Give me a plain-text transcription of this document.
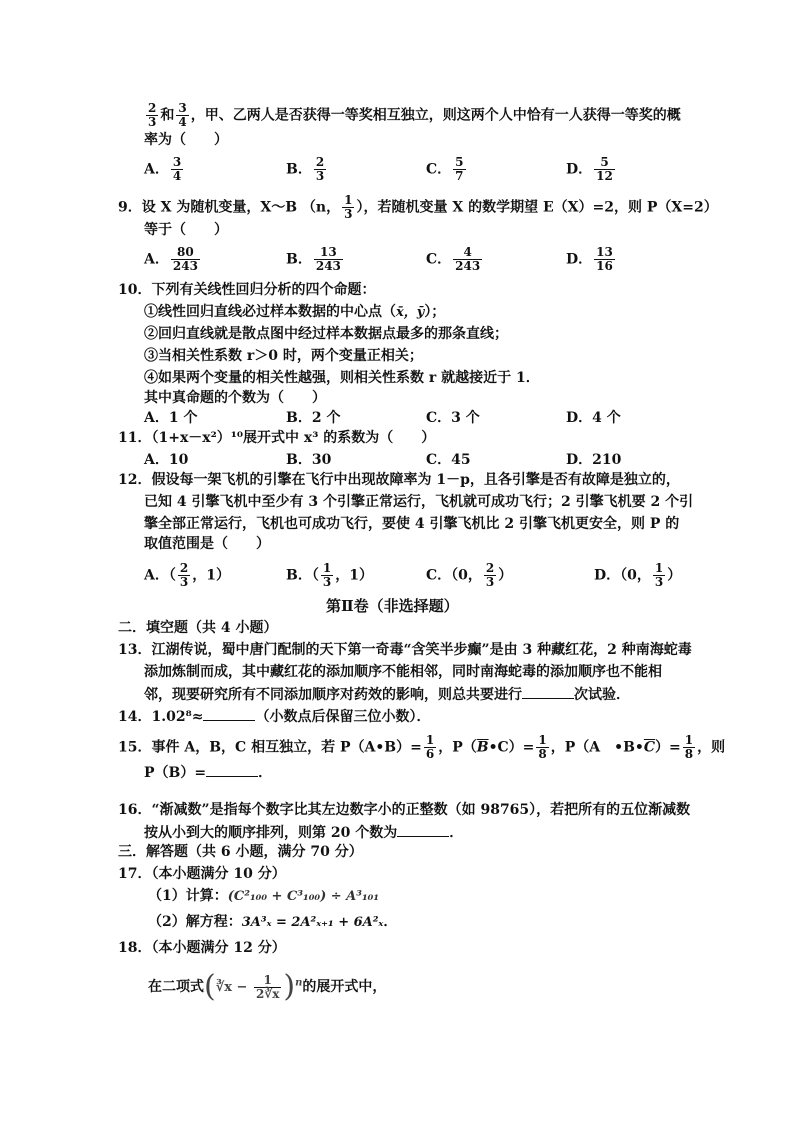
$\frac{2}{3}$ 和 $\frac{3}{4}$ ，甲、乙两人是否获得一等奖相互独立，则这两个人中恰有一人获得一等奖的概
率为（　　）
A． $\frac{3}{4}$	B． $\frac{2}{3}$	C． $\frac{5}{7}$	D． $\frac{5}{12}$
9．设 X 为随机变量，X～B （n， $\frac{1}{3}$ ），若随机变量 X 的数学期望 E（X）=2，则 P（X=2）
等于（　　）
A． $\frac{80}{243}$	B． $\frac{13}{243}$	C． $\frac{4}{243}$	D． $\frac{13}{16}$
10．下列有关线性回归分析的四个命题：
①线性回归直线必过样本数据的中心点（x̄，ȳ）；
②回归直线就是散点图中经过样本数据点最多的那条直线；
③当相关性系数 r＞0 时，两个变量正相关；
④如果两个变量的相关性越强，则相关性系数 r 就越接近于 1．
其中真命题的个数为（　　）
A．1 个	B．2 个	C．3 个	D．4 个
11．（1+x－x²）¹⁰展开式中 x³ 的系数为（　　）
A．10	B．30	C．45	D．210
12．假设每一架飞机的引擎在飞行中出现故障率为 1－p，且各引擎是否有故障是独立的，
已知 4 引擎飞机中至少有 3 个引擎正常运行，飞机就可成功飞行；2 引擎飞机要 2 个引
擎全部正常运行，飞机也可成功飞行，要使 4 引擎飞机比 2 引擎飞机更安全，则 P 的
取值范围是（　　）
A．（ $\frac{2}{3}$ ，1）	B．（ $\frac{1}{3}$ ，1）	C．（0， $\frac{2}{3}$ ）	D．（0， $\frac{1}{3}$ ）
第Ⅱ卷（非选择题）
二．填空题（共 4 小题）
13．江湖传说，蜀中唐门配制的天下第一奇毒“含笑半步癫”是由 3 种藏红花，2 种南海蛇毒
添加炼制而成，其中藏红花的添加顺序不能相邻，同时南海蛇毒的添加顺序也不能相
邻，现要研究所有不同添加顺序对药效的影响，则总共要进行	次试验．
14．1.02⁸≈	（小数点后保留三位小数）．
15．事件 A，B，C 相互独立，若 P（A•B）= $\frac{1}{6}$ ，$P(\overline{B}•C)= \frac{1}{8}$ ，P（A　$•B•\overline{C})= \frac{1}{8}$ ，则
P（B）=	．
16．“渐减数”是指每个数字比其左边数字小的正整数（如 98765），若把所有的五位渐减数
按从小到大的顺序排列，则第 20 个数为	．
三．解答题（共 6 小题，满分 70 分）
17．（本小题满分 10 分）
（1）计算：(C²₁₀₀ + C³₁₀₀) ÷ A³₁₀₁
（2）解方程：3A³ₓ = 2A²ₓ₊₁ + 6A²ₓ．
18．（本小题满分 12 分）
在二项式(∛x − $\frac{1}{2∛x} )^n$的展开式中，
